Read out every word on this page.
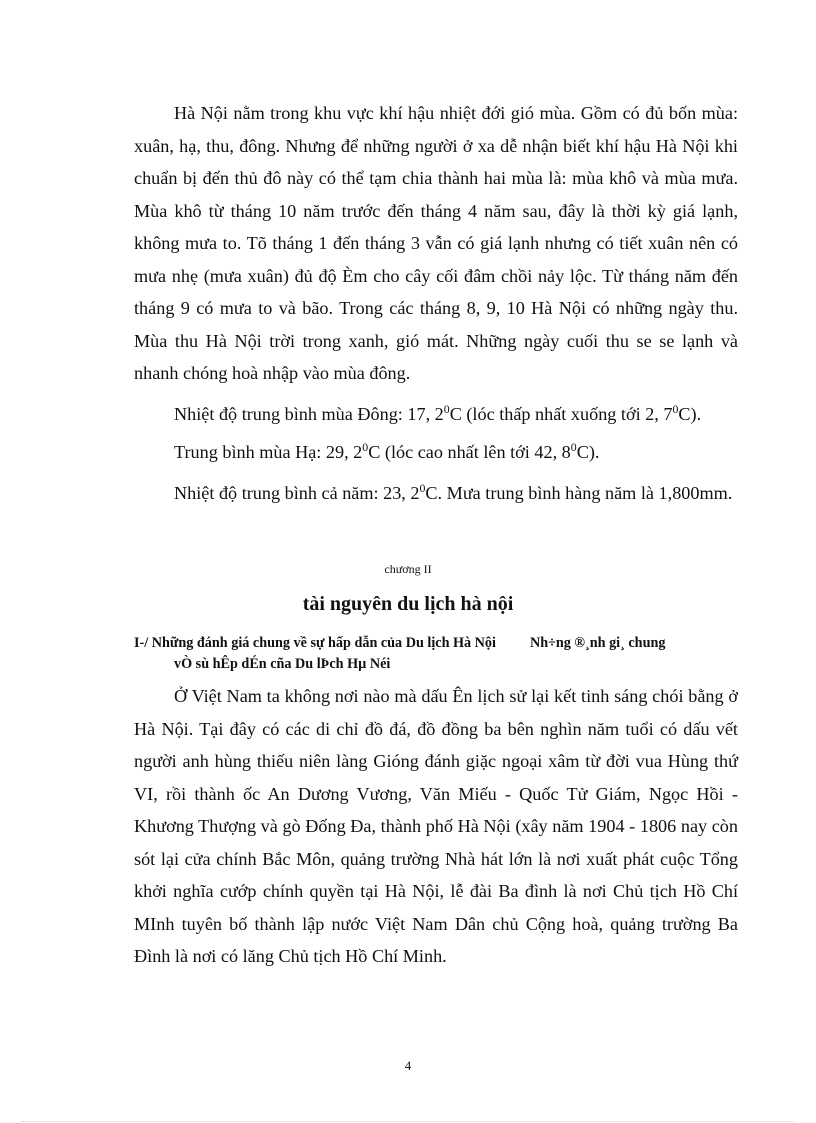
Hà Nội nằm trong khu vực khí hậu nhiệt đới gió mùa. Gồm có đủ bốn mùa: xuân, hạ, thu, đông. Nhưng để những người ở xa dễ nhận biết khí hậu Hà Nội khi chuẩn bị đến thủ đô này có thể tạm chia thành hai mùa là: mùa khô và mùa mưa. Mùa khô từ tháng 10 năm trước đến tháng 4 năm sau, đây là thời kỳ giá lạnh, không mưa to. Tõ tháng 1 đến tháng 3 vẫn có giá lạnh nhưng có tiết xuân nên có mưa nhẹ (mưa xuân) đủ độ Èm cho cây cối đâm chồi nảy lộc. Từ tháng năm đến tháng 9 có mưa to và bão. Trong các tháng 8, 9, 10 Hà Nội có những ngày thu. Mùa thu Hà Nội trời trong xanh, gió mát. Những ngày cuối thu se se lạnh và nhanh chóng hoà nhập vào mùa đông.

Nhiệt độ trung bình mùa Đông: 17, $2^0C$ (lóc thấp nhất xuống tới 2, $7^0C$).

Trung bình mùa Hạ: 29, $2^0C$ (lóc cao nhất lên tới 42, $8^0C$).

Nhiệt độ trung bình cả năm: 23, $2^0C$. Mưa trung bình hàng năm là 1,800mm.

chương II

tài nguyên du lịch hà nội

I-/ Những đánh giá chung về sự hấp dẫn của Du lịch Hà Nội Nh÷ng ®¸nh gi¸ chung
vÒ sù hÊp dÉn cña Du lÞch Hµ Néi

Ở Việt Nam ta không nơi nào mà dấu Ên lịch sử lại kết tinh sáng chói bằng ở Hà Nội. Tại đây có các di chỉ đồ đá, đồ đồng ba bên nghìn năm tuổi có dấu vết người anh hùng thiếu niên làng Gióng đánh giặc ngoại xâm từ đời vua Hùng thứ VI, rồi thành ốc An Dương Vương, Văn Miếu - Quốc Tử Giám, Ngọc Hồi - Khương Thượng và gò Đống Đa, thành phố Hà Nội (xây năm 1904 - 1806 nay còn sót lại cửa chính Bắc Môn, quảng trường Nhà hát lớn là nơi xuất phát cuộc Tổng khởi nghĩa cướp chính quyền tại Hà Nội, lễ đài Ba đình là nơi Chủ tịch Hồ Chí MInh tuyên bố thành lập nước Việt Nam Dân chủ Cộng hoà, quảng trường Ba Đình là nơi có lăng Chủ tịch Hồ Chí Minh.

4
